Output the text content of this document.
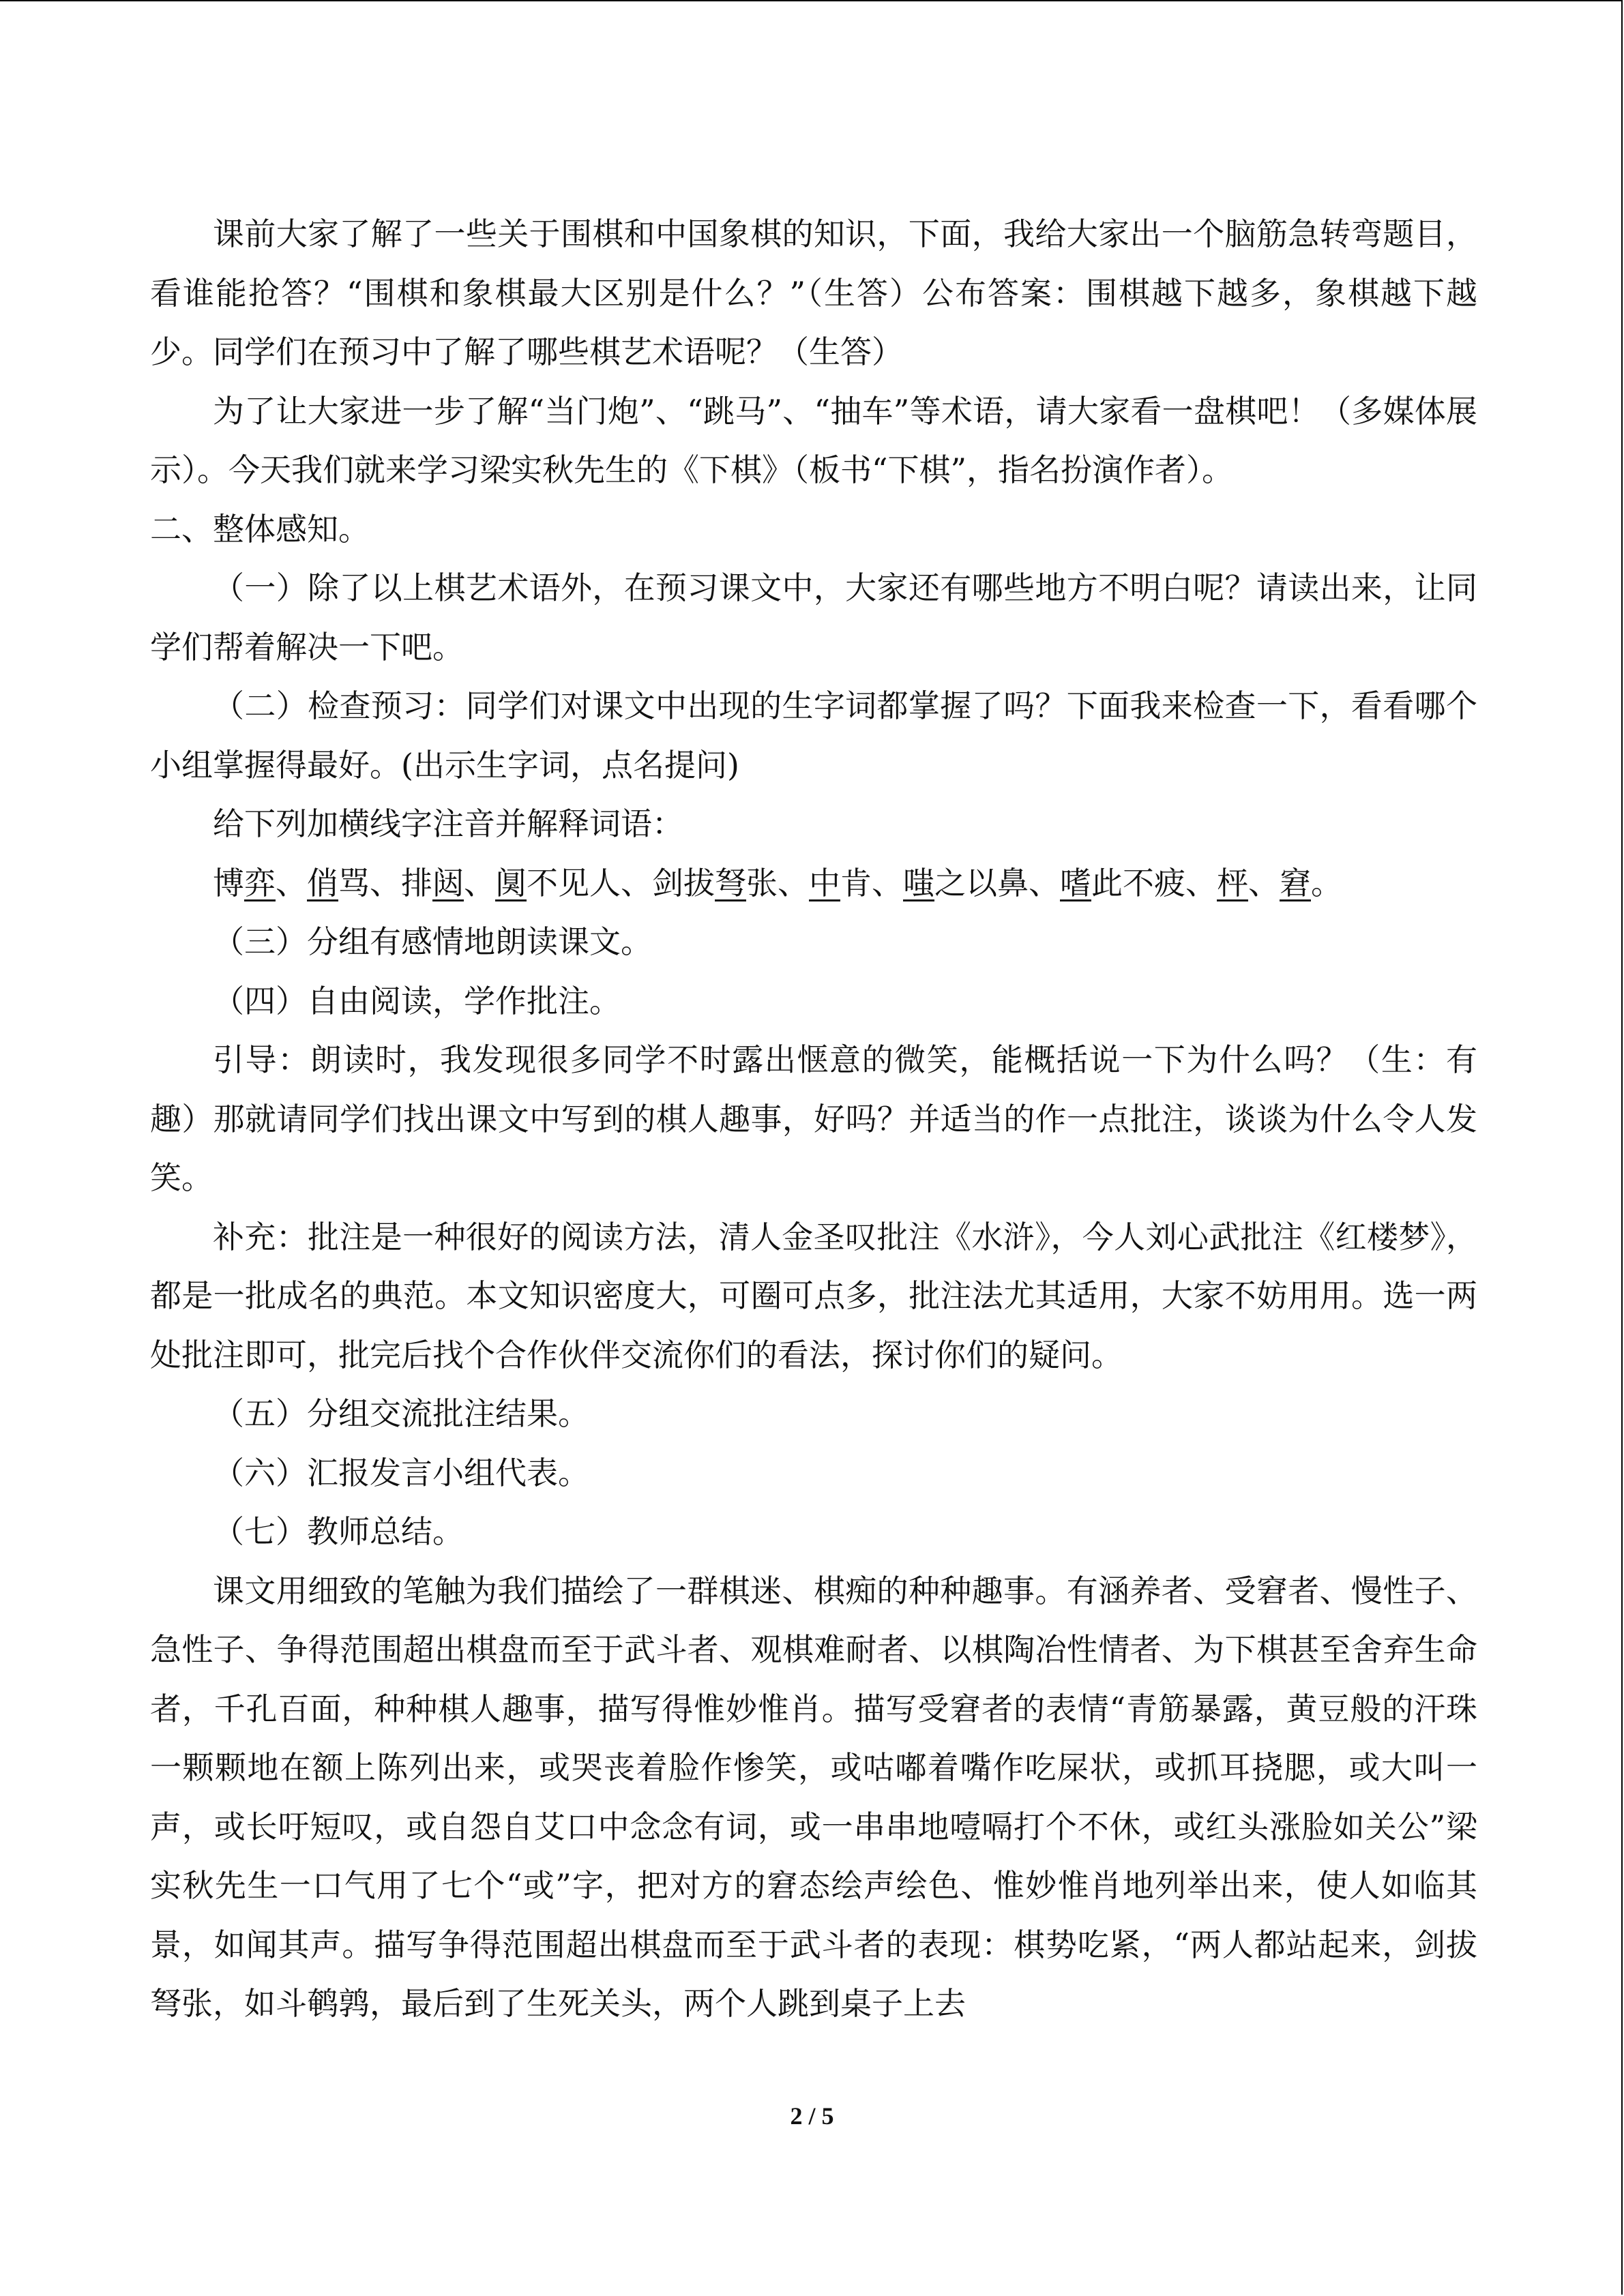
课前大家了解了一些关于围棋和中国象棋的知识，下面，我给大家出一个脑筋急转弯题目，看谁能抢答？“围棋和象棋最大区别是什么？”（生答）公布答案：围棋越下越多，象棋越下越少。同学们在预习中了解了哪些棋艺术语呢？（生答）

为了让大家进一步了解“当门炮”、“跳马”、“抽车”等术语，请大家看一盘棋吧！（多媒体展示）。今天我们就来学习梁实秋先生的《下棋》（板书“下棋”，指名扮演作者）。

二、整体感知。

（一）除了以上棋艺术语外，在预习课文中，大家还有哪些地方不明白呢？请读出来，让同学们帮着解决一下吧。

（二）检查预习：同学们对课文中出现的生字词都掌握了吗？下面我来检查一下，看看哪个小组掌握得最好。(出示生字词，点名提问)

给下列加横线字注音并解释词语：

博弈、俏骂、排闼、阒不见人、剑拔弩张、中肯、嗤之以鼻、嗜此不疲、枰、窘。

（三）分组有感情地朗读课文。

（四）自由阅读，学作批注。

引导：朗读时，我发现很多同学不时露出惬意的微笑，能概括说一下为什么吗？（生：有趣）那就请同学们找出课文中写到的棋人趣事，好吗？并适当的作一点批注，谈谈为什么令人发笑。

补充：批注是一种很好的阅读方法，清人金圣叹批注《水浒》，今人刘心武批注《红楼梦》，都是一批成名的典范。本文知识密度大，可圈可点多，批注法尤其适用，大家不妨用用。选一两处批注即可，批完后找个合作伙伴交流你们的看法，探讨你们的疑问。

（五）分组交流批注结果。

（六）汇报发言小组代表。

（七）教师总结。

课文用细致的笔触为我们描绘了一群棋迷、棋痴的种种趣事。有涵养者、受窘者、慢性子、急性子、争得范围超出棋盘而至于武斗者、观棋难耐者、以棋陶冶性情者、为下棋甚至舍弃生命者，千孔百面，种种棋人趣事，描写得惟妙惟肖。描写受窘者的表情“青筋暴露，黄豆般的汗珠一颗颗地在额上陈列出来，或哭丧着脸作惨笑，或咕嘟着嘴作吃屎状，或抓耳挠腮，或大叫一声，或长吁短叹，或自怨自艾口中念念有词，或一串串地噎嗝打个不休，或红头涨脸如关公”梁实秋先生一口气用了七个“或”字，把对方的窘态绘声绘色、惟妙惟肖地列举出来，使人如临其景，如闻其声。描写争得范围超出棋盘而至于武斗者的表现：棋势吃紧，“两人都站起来，剑拔弩张，如斗鹌鹑，最后到了生死关头，两个人跳到桌子上去

2 / 5
